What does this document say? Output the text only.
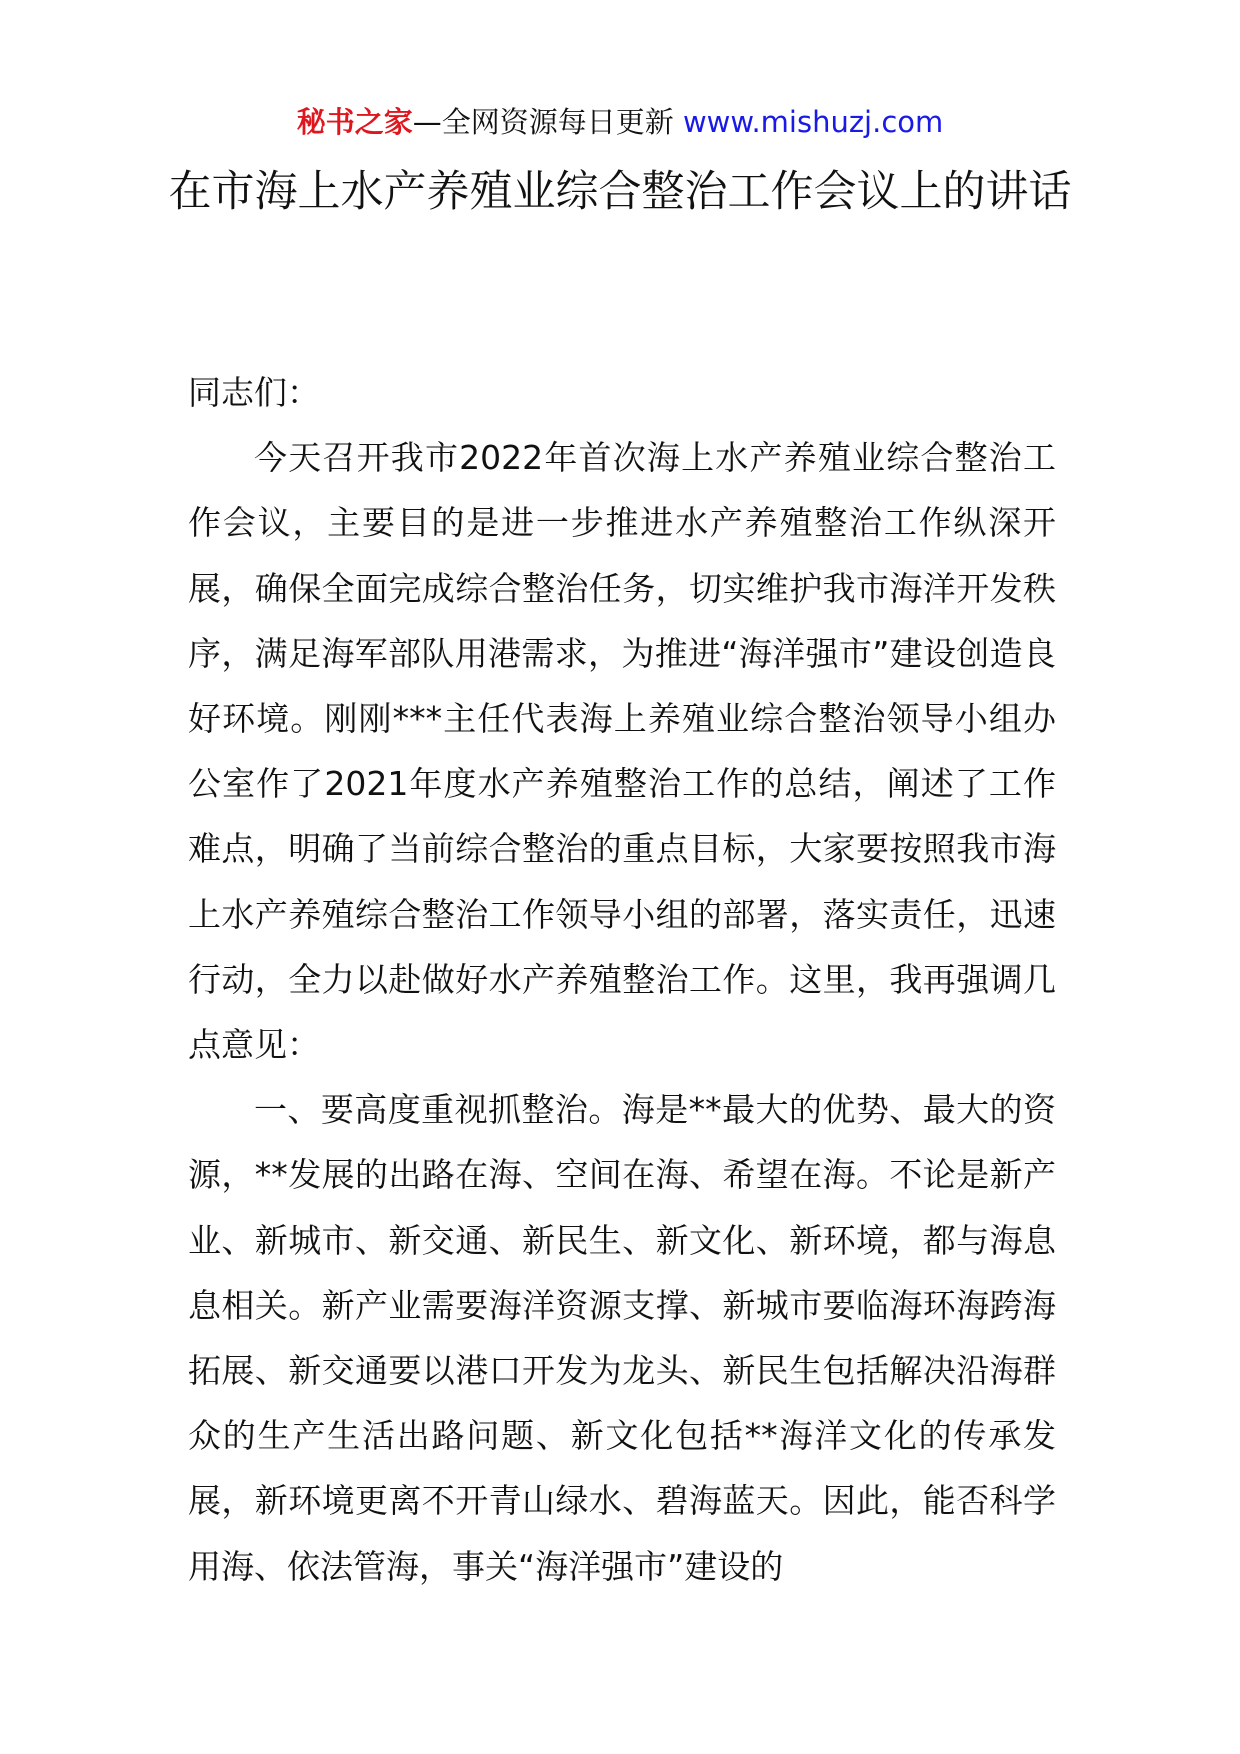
秘书之家—全网资源每日更新 www.mishuzj.com
在市海上水产养殖业综合整治工作会议上的讲话

同志们：

今天召开我市2022年首次海上水产养殖业综合整治工作会议，主要目的是进一步推进水产养殖整治工作纵深开展，确保全面完成综合整治任务，切实维护我市海洋开发秩序，满足海军部队用港需求，为推进“海洋强市”建设创造良好环境。刚刚***主任代表海上养殖业综合整治领导小组办公室作了2021年度水产养殖整治工作的总结，阐述了工作难点，明确了当前综合整治的重点目标，大家要按照我市海上水产养殖综合整治工作领导小组的部署，落实责任，迅速行动，全力以赴做好水产养殖整治工作。这里，我再强调几点意见：

一、要高度重视抓整治。海是**最大的优势、最大的资源，**发展的出路在海、空间在海、希望在海。不论是新产业、新城市、新交通、新民生、新文化、新环境，都与海息息相关。新产业需要海洋资源支撑、新城市要临海环海跨海拓展、新交通要以港口开发为龙头、新民生包括解决沿海群众的生产生活出路问题、新文化包括**海洋文化的传承发展，新环境更离不开青山绿水、碧海蓝天。因此，能否科学用海、依法管海，事关“海洋强市”建设的
